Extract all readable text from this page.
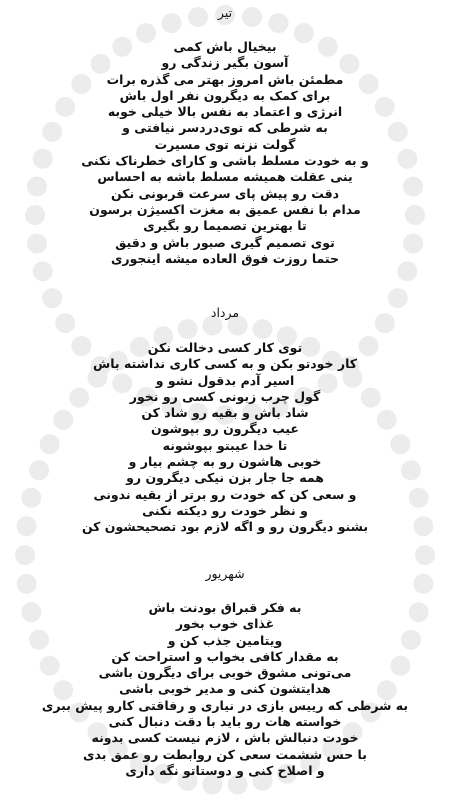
تیر
بیخیال باش کمی
آسون بگیر زندگی رو
مطمئن باش امروز بهتر می گذره برات
برای کمک به دیگرون نفر اول باش
انرژی و اعتماد به نفس بالا خیلی خوبه
به شرطی که توی‌دردسر نیافتی و
گولت نزنه توی مسیرت
و به خودت مسلط باشی و کارای خطرناک نکنی
ینی عقلت همیشه مسلط باشه به احساس
دقت رو پیش پای سرعت قربونی نکن
مدام با نفس عمیق به مغزت اکسیژن برسون
تا بهترین تصمیما رو بگیری
توی تصمیم گیری صبور باش و دقیق
حتما روزت فوق العاده میشه اینجوری
مرداد
توی کار کسی دخالت نکن
کار خودتو بکن و به کسی کاری نداشته باش
اسیر آدم بدقول نشو و
گول چرب زبونی کسی رو نخور
شاد باش و بقیه رو شاد کن
عیب دیگرون رو بپوشون
تا خدا عیبتو بپوشونه
خوبی هاشون رو به چشم بیار و
همه جا جار بزن نیکی دیگرون رو
و سعی کن که خودت رو برتر از بقیه ندونی
و نظر خودت رو دیکته نکنی
بشنو دیگرون رو و اگه لازم بود تصحیحشون کن
شهریور
به فکر قبراق بودنت باش
غذای خوب بخور
ویتامین جذب کن و
به مقدار کافی بخواب و استراحت کن
می‌تونی مشوق خوبی برای دیگرون باشی
هدایتشون کنی و مدیر خوبی باشی
به شرطی که رییس بازی در نیاری و رفاقتی کارو پیش ببری
خواسته هات رو باید با دقت دنبال کنی
خودت دنبالش باش ، لازم نیست کسی بدونه
با حس ششمت سعی کن روابطت رو عمق بدی
و اصلاح کنی و دوستاتو نگه داری
